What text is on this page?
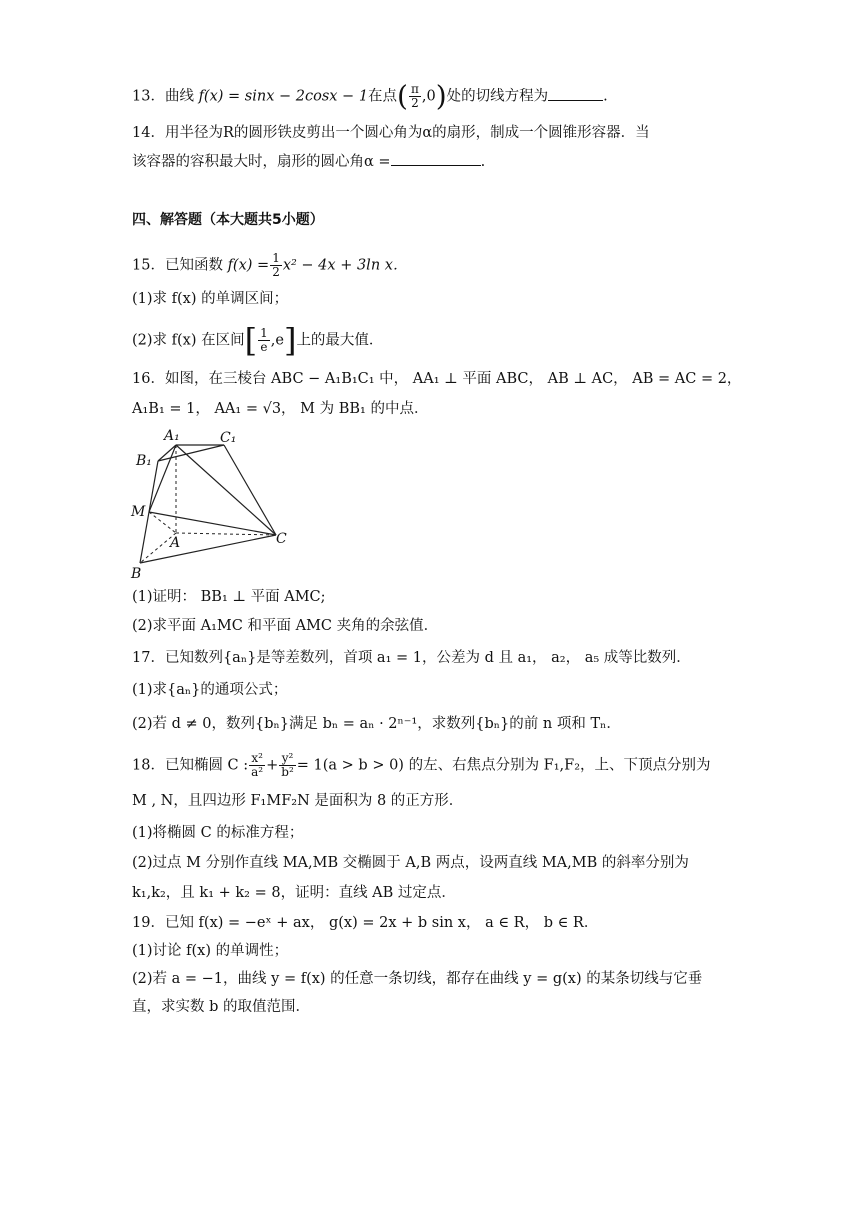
13．曲线 f(x) = sinx − 2cosx − 1在点( $\frac{\pi}{2} ,0$)处的切线方程为	.
14．用半径为R的圆形铁皮剪出一个圆心角为α的扇形，制成一个圆锥形容器．当
该容器的容积最大时，扇形的圆心角α =	.
四、解答题（本大题共5小题）
15．已知函数 $f(x) = \frac{1}{2} x^2 - 4x + 3\ln$ x．
(1)求 f(x) 的单调区间；
(2)求 f(x) 在区间[ $\frac{1}{e} ,e$]上的最大值．
16．如图，在三棱台 ABC − A₁B₁C₁ 中， AA₁ ⊥ 平面 ABC， AB ⊥ AC， AB = AC = 2，
A₁B₁ = 1， AA₁ = √3， M 为 BB₁ 的中点．
A₁	C₁
B₁
M
A	C
B
(1)证明： BB₁ ⊥ 平面 AMC;
(2)求平面 A₁MC 和平面 AMC 夹角的余弦值．
17．已知数列{aₙ}是等差数列，首项 a₁ = 1，公差为 d 且 a₁， a₂， a₅ 成等比数列．
(1)求{aₙ}的通项公式；
(2)若 d ≠ 0，数列{bₙ}满足 bₙ = aₙ · 2ⁿ⁻¹，求数列{bₙ}的前 n 项和 Tₙ．
18．已知椭圆 C : $\frac{\text{x²}}{\text{a²}} + \frac{\text{y²}}{\text{b²}} = 1(a > b > 0)$ 的左、右焦点分别为 F₁,F₂，上、下顶点分别为
M , N，且四边形 F₁MF₂N 是面积为 8 的正方形．
(1)将椭圆 C 的标准方程；
(2)过点 M 分别作直线 MA,MB 交椭圆于 A,B 两点，设两直线 MA,MB 的斜率分别为
k₁,k₂，且 k₁ + k₂ = 8，证明：直线 AB 过定点．
19．已知 f(x) = −eˣ + ax， g(x) = 2x + b sin x， a ∈ R， b ∈ R．
(1)讨论 f(x) 的单调性；
(2)若 a = −1，曲线 y = f(x) 的任意一条切线，都存在曲线 y = g(x) 的某条切线与它垂
直，求实数 b 的取值范围．
